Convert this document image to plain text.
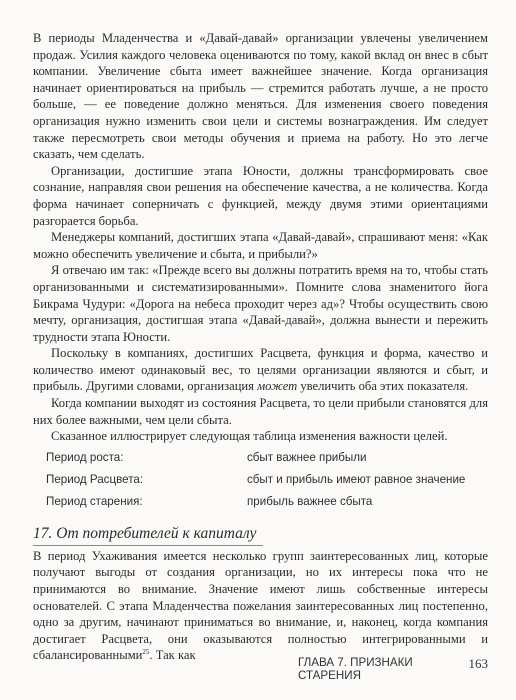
В периоды Младенчества и «Давай-давай» организации увлечены увеличением продаж. Усилия каждого человека оцениваются по тому, какой вклад он внес в сбыт компании. Увеличение сбыта имеет важнейшее значение. Когда организация начинает ориентироваться на прибыль — стремится работать лучше, а не просто больше, — ее поведение должно меняться. Для изменения своего поведения организация нужно изменить свои цели и системы вознаграждения. Им следует также пересмотреть свои методы обучения и приема на работу. Но это легче сказать, чем сделать.

Организации, достигшие этапа Юности, должны трансформировать свое сознание, направляя свои решения на обеспечение качества, а не количества. Когда форма начинает соперничать с функцией, между двумя этими ориентациями разгорается борьба.

Менеджеры компаний, достигших этапа «Давай-давай», спрашивают меня: «Как можно обеспечить увеличение и сбыта, и прибыли?»

Я отвечаю им так: «Прежде всего вы должны потратить время на то, чтобы стать организованными и систематизированными». Помните слова знаменитого йога Бикрама Чудури: «Дорога на небеса проходит через ад»? Чтобы осуществить свою мечту, организация, достигшая этапа «Давай-давай», должна вынести и пережить трудности этапа Юности.

Поскольку в компаниях, достигших Расцвета, функция и форма, качество и количество имеют одинаковый вес, то целями организации являются и сбыт, и прибыль. Другими словами, организация может увеличить оба этих показателя.

Когда компании выходят из состояния Расцвета, то цели прибыли становятся для них более важными, чем цели сбыта.

Сказанное иллюстрирует следующая таблица изменения важности целей.

Период роста:	сбыт важнее прибыли
Период Расцвета:	сбыт и прибыль имеют равное значение
Период старения:	прибыль важнее сбыта
17. От потребителей к капиталу

В период Ухаживания имеется несколько групп заинтересованных лиц, которые получают выгоды от создания организации, но их интересы пока что не принимаются во внимание. Значение имеют лишь собственные интересы основателей. С этапа Младенчества пожелания заинтересованных лиц постепенно, одно за другим, начинают приниматься во внимание, и, наконец, когда компания достигает Расцвета, они оказываются полностью интегрированными и сбалансированными$^{25}$. Так как

ГЛАВА 7. ПРИЗНАКИ СТАРЕНИЯ
163
